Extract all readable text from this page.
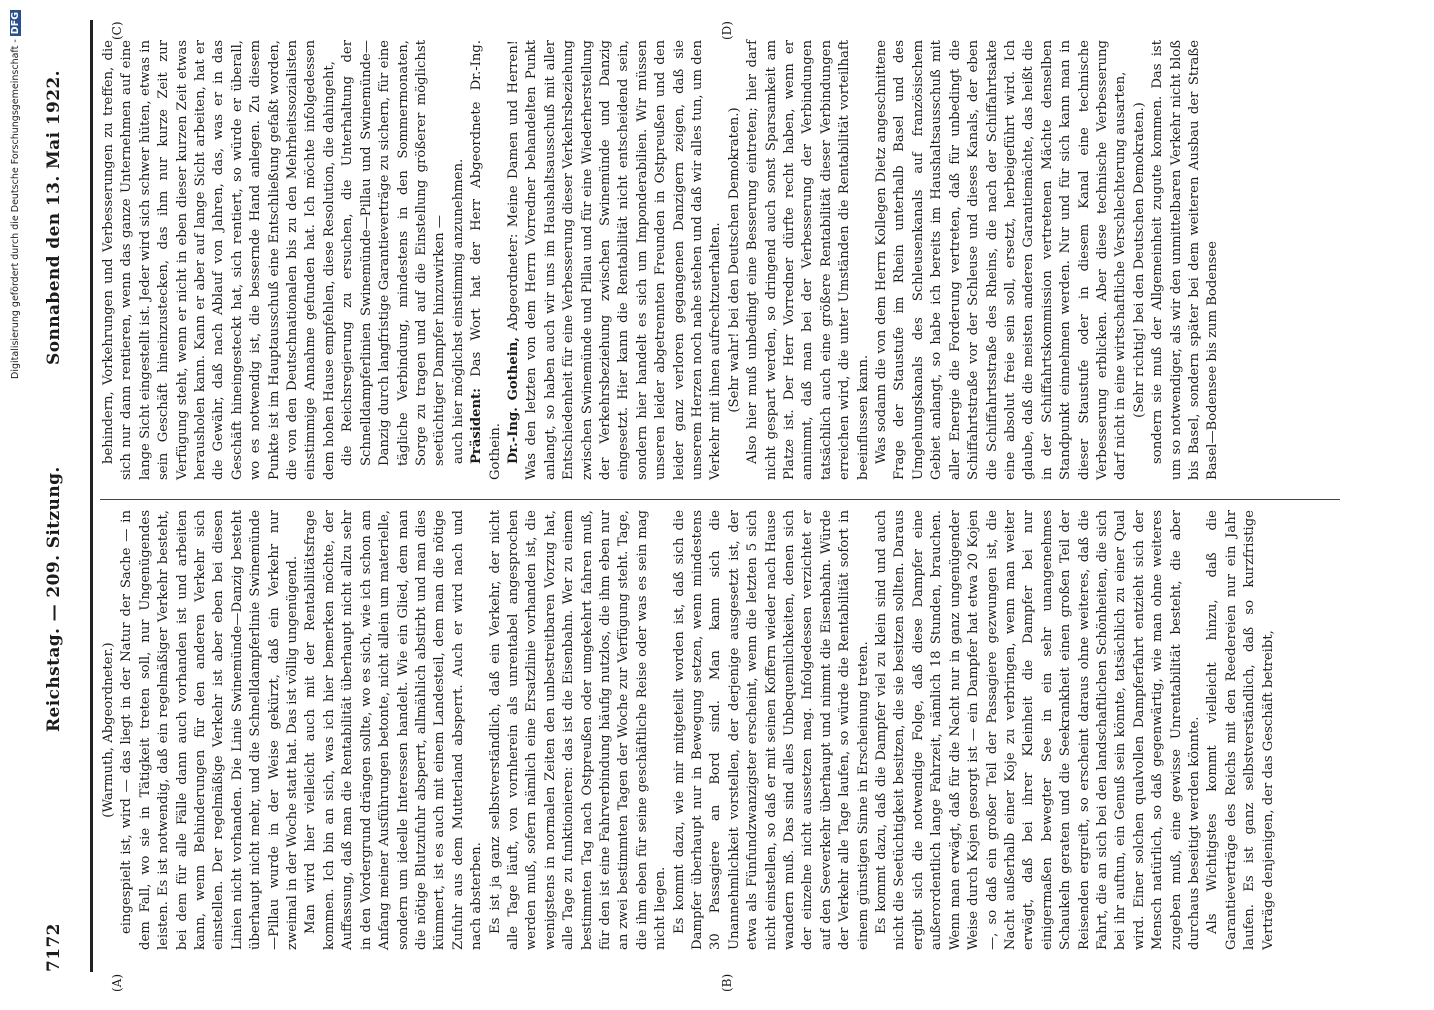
7172
Reichstag. — 209. Sitzung.
Sonnabend den 13. Mai 1922.
(A)	(B)
(C)	(D)

(Warmuth, Abgeordneter.) eingespielt ist, wird — das liegt in der Natur der Sache — in dem Fall, wo sie in Tätigkeit treten soll, nur Ungenügendes leisten. Es ist notwendig, daß ein regelmäßiger Verkehr besteht, bei dem für alle Fälle dann auch vorhanden ist und arbeiten kann, wenn Behinderungen für den anderen Verkehr sich einstellen. Der regelmäßige Verkehr ist aber eben bei diesen Linien nicht vorhanden. Die Linie Swinemünde—Danzig besteht überhaupt nicht mehr, und die Schnelldampferlinie Swinemünde—Pillau wurde in der Weise gekürzt, daß ein Verkehr nur zweimal in der Woche statt hat. Das ist völlig ungenügend. Man wird hier vielleicht auch mit der Rentabilitätsfrage kommen. Ich bin an sich, was ich hier bemerken möchte, der Auffassung, daß man die Rentabilität überhaupt nicht allzu sehr in den Vordergrund drängen sollte, wo es sich, wie ich schon am Anfang meiner Ausführungen betonte, nicht allein um materielle, sondern um ideelle Interessen handelt. Wie ein Glied, dem man die nötige Blutzufuhr absperrt, allmählich abstirbt und man dies kümmert, ist es auch mit einem Landesteil, dem man die nötige Zufuhr aus dem Mutterland absperrt. Auch er wird nach und nach absterben. Es ist ja ganz selbstverständlich, daß ein Verkehr, der nicht alle Tage läuft, von vornherein als unrentabel angesprochen werden muß, sofern nämlich eine Ersatzlinie vorhanden ist, die wenigstens in normalen Zeiten den unbestreitbaren Vorzug hat, alle Tage zu funktionieren: das ist die Eisenbahn. Wer zu einem bestimmten Tag nach Ostpreußen oder umgekehrt fahren muß, für den ist eine Fahrverbindung häufig nutzlos, die ihm eben nur an zwei bestimmten Tagen der Woche zur Verfügung steht. Tage, die ihm eben für seine geschäftliche Reise oder was es sein mag nicht liegen. Es kommt dazu, wie mir mitgeteilt worden ist, daß sich die Dampfer überhaupt nur in Bewegung setzen, wenn mindestens 30 Passagiere an Bord sind. Man kann sich die Unannehmlichkeit vorstellen, der derjenige ausgesetzt ist, der etwa als Fünfundzwanzigster erscheint, wenn die letzten 5 sich nicht einstellen, so daß er mit seinen Koffern wieder nach Hause wandern muß. Das sind alles Unbequemlichkeiten, denen sich der einzelne nicht aussetzen mag. Infolgedessen verzichtet er auf den Seeverkehr überhaupt und nimmt die Eisenbahn. Würde der Verkehr alle Tage laufen, so würde die Rentabilität sofort in einem günstigen Sinne in Erscheinung treten. Es kommt dazu, daß die Dampfer viel zu klein sind und auch nicht die Seetüchtigkeit besitzen, die sie besitzen sollten. Daraus ergibt sich die notwendige Folge, daß diese Dampfer eine außerordentlich lange Fahrzeit, nämlich 18 Stunden, brauchen. Wenn man erwägt, daß für die Nacht nur in ganz ungenügender Weise durch Kojen gesorgt ist — ein Dampfer hat etwa 20 Kojen —, so daß ein großer Teil der Passagiere gezwungen ist, die Nacht außerhalb einer Koje zu verbringen, wenn man weiter erwägt, daß bei ihrer Kleinheit die Dampfer bei nur einigermaßen bewegter See in ein sehr unangenehmes Schaukeln geraten und die Seekrankheit einen großen Teil der Reisenden ergreift, so erscheint daraus ohne weiteres, daß die Fahrt, die an sich bei den landschaftlichen Schönheiten, die sich bei ihr auftun, ein Genuß sein könnte, tatsächlich zu einer Qual wird. Einer solchen qualvollen Dampferfahrt entzieht sich der Mensch natürlich, so daß gegenwärtig, wie man ohne weiteres zugeben muß, eine gewisse Unrentabilität besteht, die aber durchaus beseitigt werden könnte. Als Wichtigstes kommt vielleicht hinzu, daß die Garantieverträge des Reichs mit den Reedereien nur ein Jahr laufen. Es ist ganz selbstverständlich, daß so kurzfristige Verträge denjenigen, der das Geschäft betreibt,

behindern, Vorkehrungen und Verbesserungen zu treffen, die sich nur dann rentieren, wenn das ganze Unternehmen auf eine lange Sicht eingestellt ist. Jeder wird sich schwer hüten, etwas in sein Geschäft hineinzustecken, das ihm nur kurze Zeit zur Verfügung steht, wenn er nicht in eben dieser kurzen Zeit etwas herausholen kann. Kann er aber auf lange Sicht arbeiten, hat er die Gewähr, daß nach Ablauf von Jahren, das, was er in das Geschäft hineingesteckt hat, sich rentiert, so würde er überall, wo es notwendig ist, die bessernde Hand anlegen. Zu diesem Punkte ist im Hauptausschuß eine Entschließung gefaßt worden, die von den Deutschnationalen bis zu den Mehrheitssozialisten einstimmige Annahme gefunden hat. Ich möchte infolgedessen dem hohen Hause empfehlen, diese Resolution, die dahingeht, die Reichsregierung zu ersuchen, die Unterhaltung der Schnelldampferlinien Swinemünde—Pillau und Swinemünde—Danzig durch langfristige Garantieverträge zu sichern, für eine tägliche Verbindung, mindestens in den Sommermonaten, Sorge zu tragen und auf die Einstellung größerer möglichst seetüchtiger Dampfer hinzuwirken — auch hier möglichst einstimmig anzunehmen. Präsident: Das Wort hat der Herr Abgeordnete Dr.-Ing. Gothein. Dr.-Ing. Gothein, Abgeordneter: Meine Damen und Herren! Was den letzten von dem Herrn Vorredner behandelten Punkt anlangt, so haben auch wir uns im Haushaltsausschuß mit aller Entschiedenheit für eine Verbesserung dieser Verkehrsbeziehung zwischen Swinemünde und Pillau und für eine Wiederherstellung der Verkehrsbeziehung zwischen Swinemünde und Danzig eingesetzt. Hier kann die Rentabilität nicht entscheidend sein, sondern hier handelt es sich um Imponderabilien. Wir müssen unseren leider abgetrennten Freunden in Ostpreußen und den leider ganz verloren gegangenen Danzigern zeigen, daß sie unserem Herzen noch nahe stehen und daß wir alles tun, um den Verkehr mit ihnen aufrechtzuerhalten. (Sehr wahr! bei den Deutschen Demokraten.) Also hier muß unbedingt eine Besserung eintreten; hier darf nicht gespart werden, so dringend auch sonst Sparsamkeit am Platze ist. Der Herr Vorredner dürfte recht haben, wenn er annimmt, daß man bei der Verbesserung der Verbindungen tatsächlich auch eine größere Rentabilität dieser Verbindungen erreichen wird, die unter Umständen die Rentabilität vorteilhaft beeinflussen kann. Was sodann die von dem Herrn Kollegen Dietz angeschnittene Frage der Staustufe im Rhein unterhalb Basel und des Umgehungskanals des Schleusenkanals auf französischem Gebiet anlangt, so habe ich bereits im Haushaltsausschuß mit aller Energie die Forderung vertreten, daß für unbedingt die Schiffahrtstraße vor der Schleuse und dieses Kanals, der eben die Schiffahrtsstraße des Rheins, die nach der Schiffahrtsakte eine absolut freie sein soll, ersetzt, herbeigeführt wird. Ich glaube, daß die meisten anderen Garantiemächte, das heißt die in der Schiffahrtskommission vertretenen Mächte denselben Standpunkt einnehmen werden. Nur und für sich kann man in dieser Staustufe oder in diesem Kanal eine technische Verbesserung erblicken. Aber diese technische Verbesserung darf nicht in eine wirtschaftliche Verschlechterung ausarten, (Sehr richtig! bei den Deutschen Demokraten.) sondern sie muß der Allgemeinheit zugute kommen. Das ist um so notwendiger, als wir den unmittelbaren Verkehr nicht bloß bis Basel, sondern später bei dem weiteren Ausbau der Straße Basel—Bodensee bis zum Bodensee

Digitalisierung gefördert durch die Deutsche Forschungsgemeinschaft - DFG
